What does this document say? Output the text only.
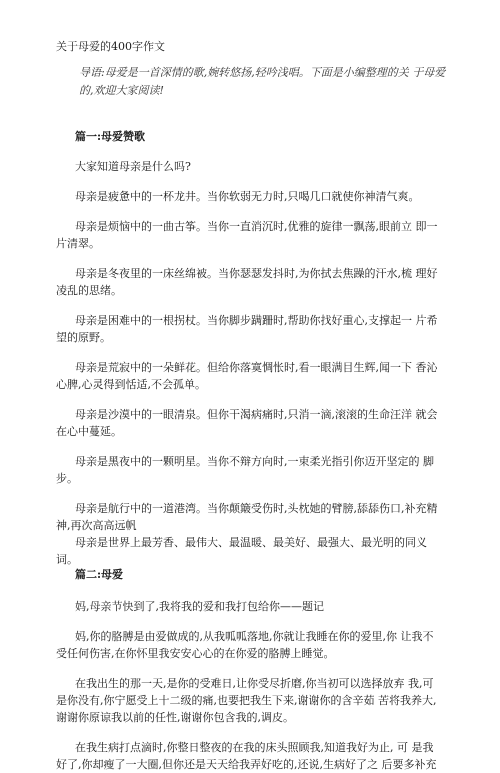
关于母爱的400字作文
导语:母爱是一首深情的歌,婉转悠扬,轻吟浅唱。下面是小编整理的关 于母爱的,欢迎大家阅读!
篇一:母爱赞歌
大家知道母亲是什么吗?
母亲是疲惫中的一杯龙井。当你软弱无力时,只喝几口就使你神清气爽。
母亲是烦恼中的一曲古筝。当你一直消沉时,优雅的旋律一飘荡,眼前立 即一片清翠。
母亲是冬夜里的一床丝绵被。当你瑟瑟发抖时,为你拭去焦躁的汗水,梳 理好凌乱的思绪。
母亲是困难中的一根拐杖。当你脚步蹒跚时,帮助你找好重心,支撑起一 片希望的原野。
母亲是荒寂中的一朵鲜花。但给你落寞惆怅时,看一眼满目生辉,闻一下 香沁心脾,心灵得到恬适,不会孤单。
母亲是沙漠中的一眼清泉。但你干渴病痛时,只消一滴,滚滚的生命汪洋 就会在心中蔓延。
母亲是黑夜中的一颗明星。当你不辩方向时,一束柔光指引你迈开坚定的 脚步。
母亲是航行中的一道港湾。当你颠簸受伤时,头枕她的臂膀,舔舔伤口,补充精神,再次高高远帆
母亲是世界上最芳香、最伟大、最温暖、最美好、最强大、最光明的同义词。
篇二:母爱
妈,母亲节快到了,我将我的爱和我打包给你——题记
妈,你的胳膊是由爱做成的,从我呱呱落地,你就让我睡在你的爱里,你 让我不受任何伤害,在你怀里我安安心心的在你爱的胳膊上睡觉。
在我出生的那一天,是你的受难日,让你受尽折磨,你当初可以选择放弃 我,可是你没有,你宁愿受上十二级的痛,也要把我生下来,谢谢你的含辛茹 苦将我养大,谢谢你原谅我以前的任性,谢谢你包含我的,调皮。
在我生病打点滴时,你整日整夜的在我的床头照顾我,知道我好为止, 可 是我好了,你却瘦了一大圈,但你还是天天给我弄好吃的,还说,生病好了之 后要多补充
